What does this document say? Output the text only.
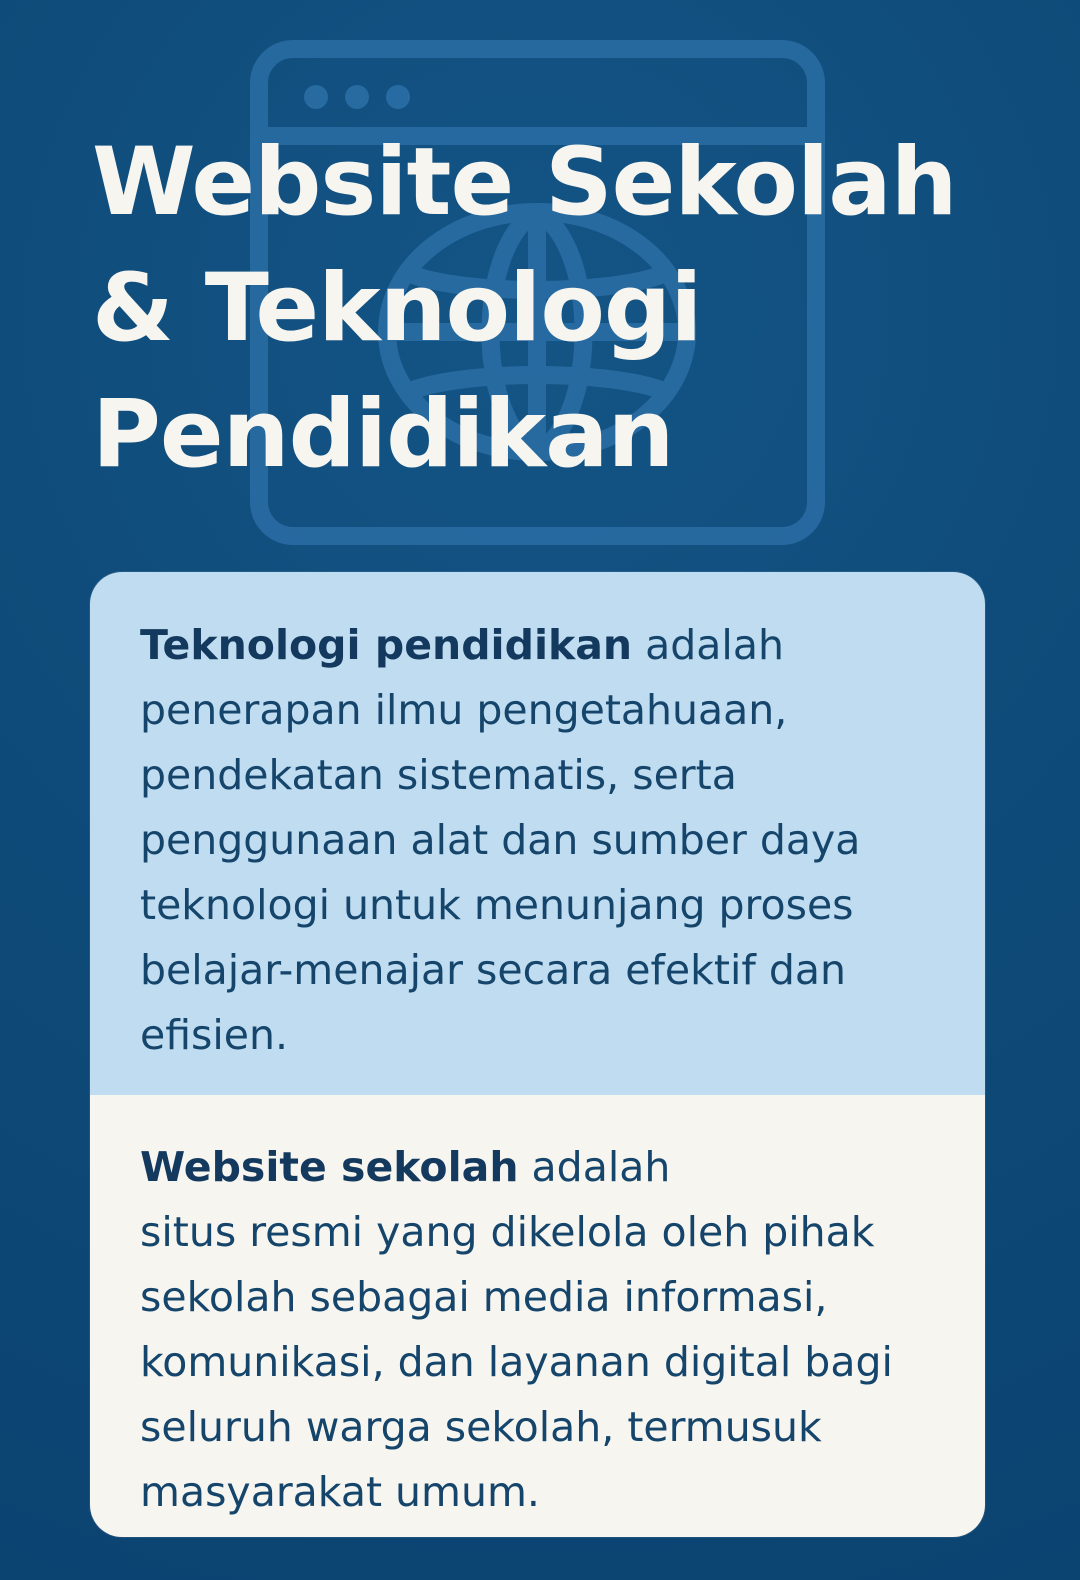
Website Sekolah
& Teknologi
Pendidikan
Teknologi pendidikan adalah
penerapan ilmu pengetahuaan,
pendekatan sistematis, serta
penggunaan alat dan sumber daya
teknologi untuk menunjang proses
belajar-menajar secara efektif dan
efisien.
Website sekolah adalah
situs resmi yang dikelola oleh pihak
sekolah sebagai media informasi,
komunikasi, dan layanan digital bagi
seluruh warga sekolah, termusuk
masyarakat umum.
